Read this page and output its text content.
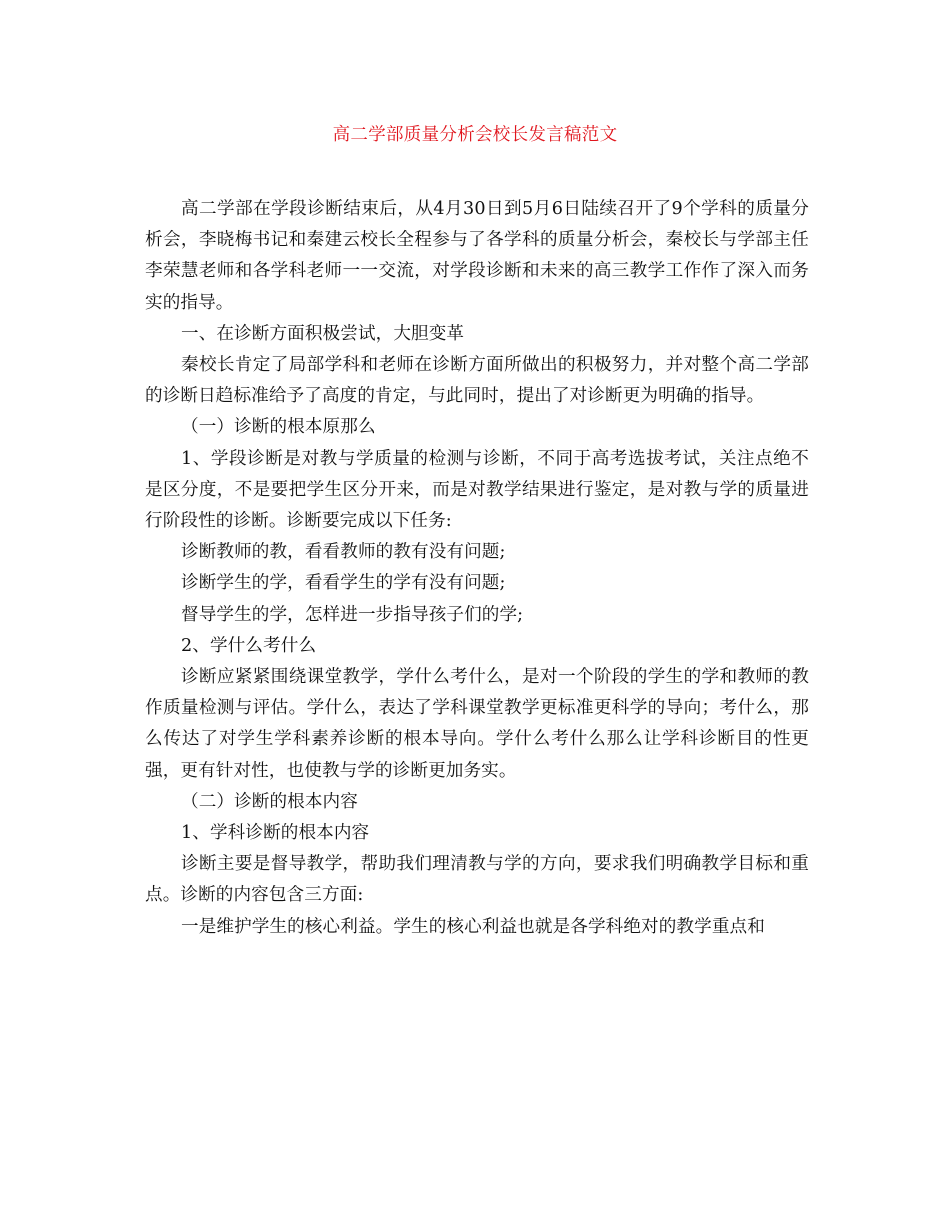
高二学部质量分析会校长发言稿范文

高二学部在学段诊断结束后，从4月30日到5月6日陆续召开了9个学科的质量分析会，李晓梅书记和秦建云校长全程参与了各学科的质量分析会，秦校长与学部主任李荣慧老师和各学科老师一一交流，对学段诊断和未来的高三教学工作作了深入而务实的指导。

一、在诊断方面积极尝试，大胆变革

秦校长肯定了局部学科和老师在诊断方面所做出的积极努力，并对整个高二学部的诊断日趋标准给予了高度的肯定，与此同时，提出了对诊断更为明确的指导。

（一）诊断的根本原那么

1、学段诊断是对教与学质量的检测与诊断，不同于高考选拔考试，关注点绝不是区分度，不是要把学生区分开来，而是对教学结果进行鉴定，是对教与学的质量进行阶段性的诊断。诊断要完成以下任务:

诊断教师的教，看看教师的教有没有问题;

诊断学生的学，看看学生的学有没有问题;

督导学生的学，怎样进一步指导孩子们的学;

2、学什么考什么

诊断应紧紧围绕课堂教学，学什么考什么，是对一个阶段的学生的学和教师的教作质量检测与评估。学什么，表达了学科课堂教学更标准更科学的导向；考什么，那么传达了对学生学科素养诊断的根本导向。学什么考什么那么让学科诊断目的性更强，更有针对性，也使教与学的诊断更加务实。

（二）诊断的根本内容

1、学科诊断的根本内容

诊断主要是督导教学，帮助我们理清教与学的方向，要求我们明确教学目标和重点。诊断的内容包含三方面:

一是维护学生的核心利益。学生的核心利益也就是各学科绝对的教学重点和
